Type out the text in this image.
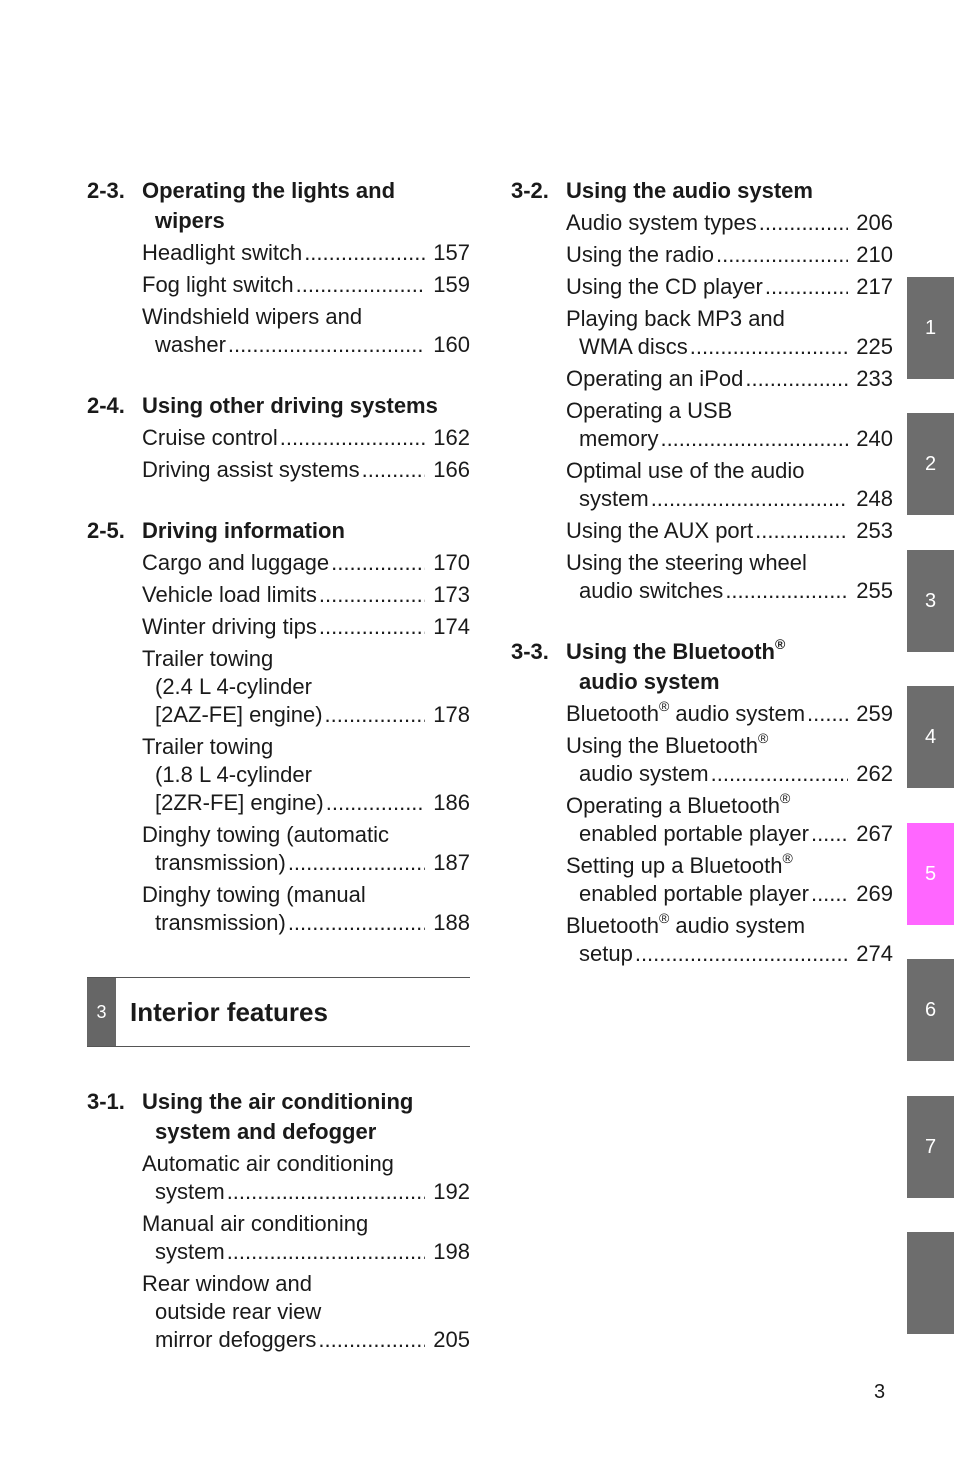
2-3. Operating the lights and
wipers
Headlight switch .....	157
Fog light switch .....	159
Windshield wipers and
washer .....	160
2-4. Using other driving systems
Cruise control .....	162
Driving assist systems .....	166
2-5. Driving information
Cargo and luggage .....	170
Vehicle load limits .....	173
Winter driving tips .....	174
Trailer towing
(2.4 L 4-cylinder
[2AZ-FE] engine) .....	178
Trailer towing
(1.8 L 4-cylinder
[2ZR-FE] engine) .....	186
Dinghy towing (automatic
transmission) .....	187
Dinghy towing (manual
transmission) .....	188
3 Interior features
3-1. Using the air conditioning
system and defogger
Automatic air conditioning
system .....	192
Manual air conditioning
system .....	198
Rear window and
outside rear view
mirror defoggers .....	205
3-2. Using the audio system
Audio system types .....	206
Using the radio .....	210
Using the CD player .....	217
Playing back MP3 and
WMA discs .....	225
Operating an iPod .....	233
Operating a USB
memory .....	240
Optimal use of the audio
system .....	248
Using the AUX port .....	253
Using the steering wheel
audio switches .....	255
3-3. Using the Bluetooth®
audio system
Bluetooth® audio system ..... 259
Using the Bluetooth®
audio system .....	262
Operating a Bluetooth®
enabled portable player ..... 267
Setting up a Bluetooth®
enabled portable player ..... 269
Bluetooth® audio system
setup .....	274
1
2
3
4
5
6
7
3
